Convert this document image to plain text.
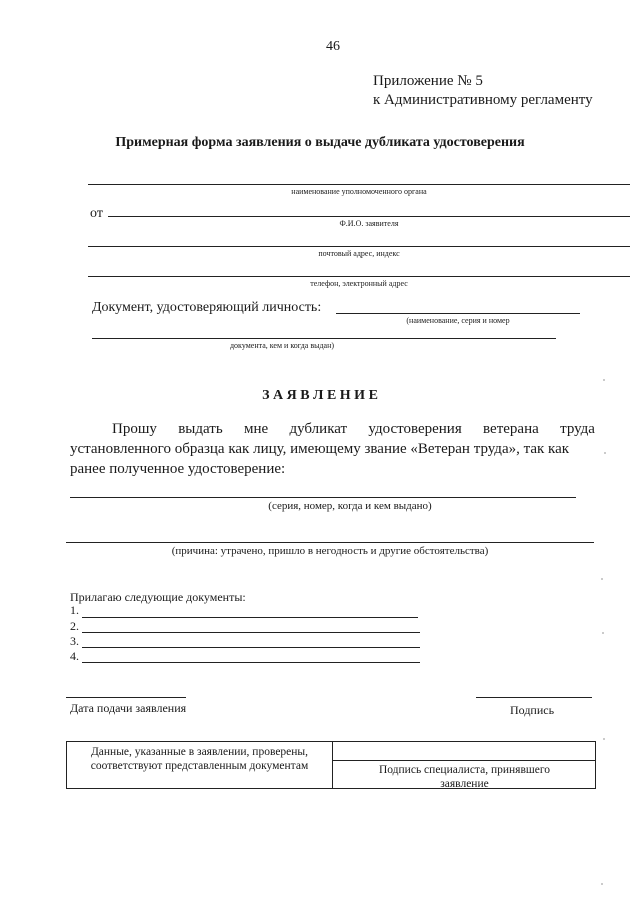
46
Приложение № 5
к Административному регламенту
Примерная форма заявления о выдаче дубликата удостоверения
наименование уполномоченного органа
от
Ф.И.О. заявителя
почтовый адрес, индекс
телефон, электронный адрес
Документ, удостоверяющий личность:
(наименование, серия и номер
документа, кем и когда выдан)
З А Я В Л Е Н И Е
Прошу выдать мне дубликат удостоверения ветерана труда
установленного образца как лицу, имеющему звание «Ветеран труда», так как
ранее полученное удостоверение:
(серия, номер, когда и кем выдано)
(причина: утрачено, пришло в негодность и другие обстоятельства)
Прилагаю следующие документы:
1.
2.
3.
4.
Дата подачи заявления	Подпись
Данные, указанные в заявлении, проверены,
соответствуют представленным документам	Подпись специалиста, принявшего
заявление
